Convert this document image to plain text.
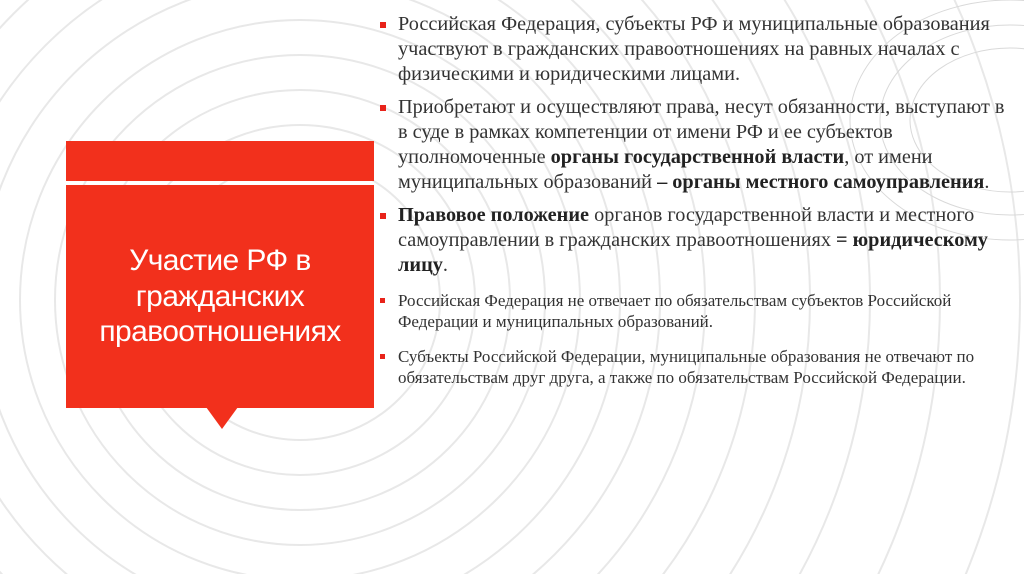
Участие РФ в
гражданских
правоотношениях

Российская Федерация, субъекты РФ и муниципальные образования участвуют в гражданских правоотношениях на равных началах с физическими и юридическими лицами.

Приобретают и осуществляют права, несут обязанности, выступают в в суде в рамках компетенции от имени РФ и ее субъектов уполномоченные органы государственной власти, от имени муниципальных образований – органы местного самоуправления.

Правовое положение органов государственной власти и местного самоуправлении в гражданских правоотношениях = юридическому лицу.

Российская Федерация не отвечает по обязательствам субъектов Российской Федерации и муниципальных образований.

Субъекты Российской Федерации, муниципальные образования не отвечают по обязательствам друг друга, а также по обязательствам Российской Федерации.
